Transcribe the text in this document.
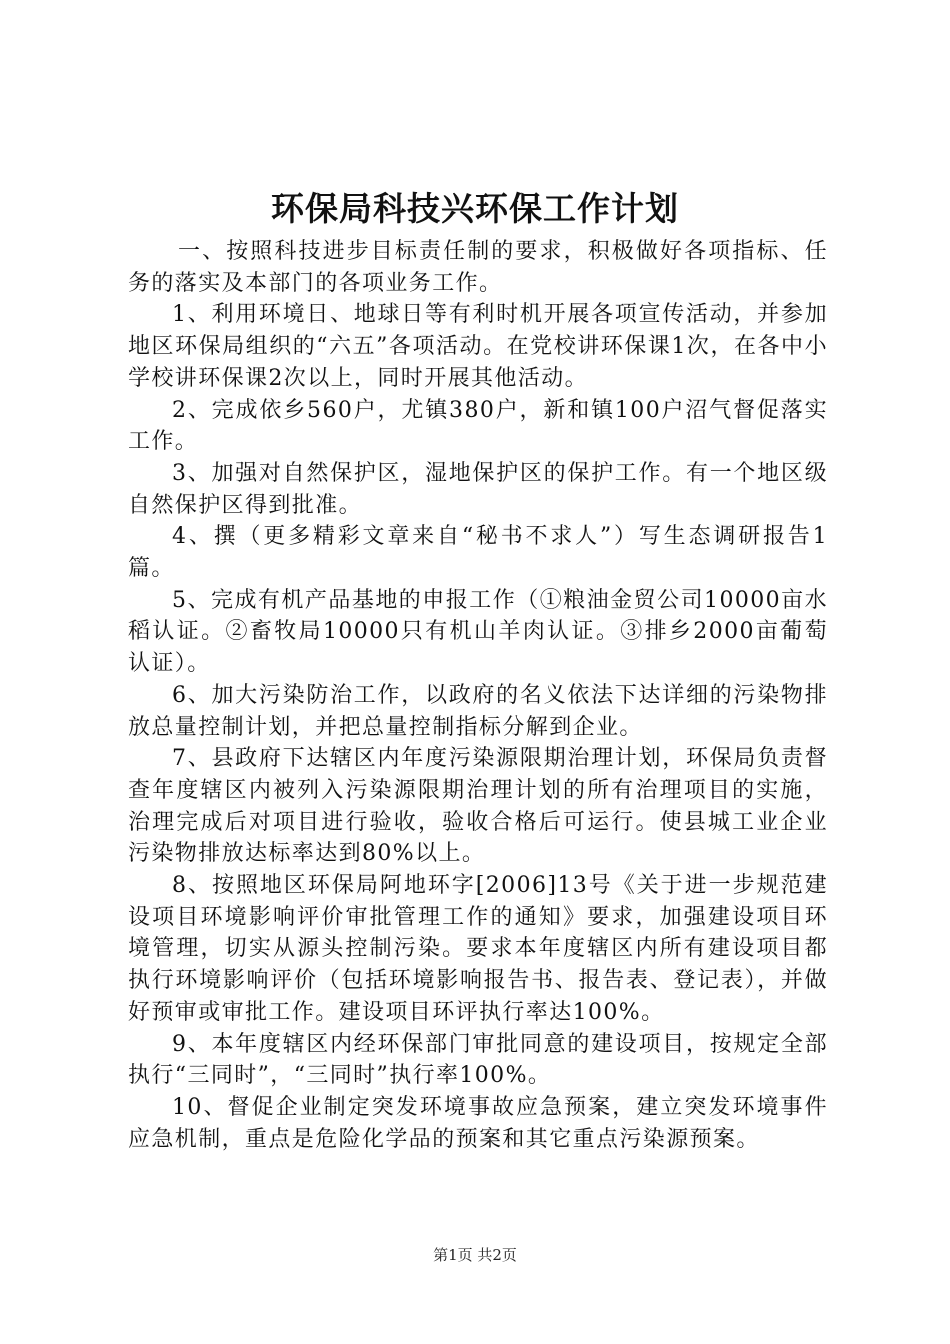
环保局科技兴环保工作计划

一、按照科技进步目标责任制的要求，积极做好各项指标、任务的落实及本部门的各项业务工作。

1、利用环境日、地球日等有利时机开展各项宣传活动，并参加地区环保局组织的“六五”各项活动。在党校讲环保课1次，在各中小学校讲环保课2次以上，同时开展其他活动。

2、完成依乡560户，尤镇380户，新和镇100户沼气督促落实工作。

3、加强对自然保护区，湿地保护区的保护工作。有一个地区级自然保护区得到批准。

4、撰（更多精彩文章来自“秘书不求人”）写生态调研报告1篇。

5、完成有机产品基地的申报工作（①粮油金贸公司10000亩水稻认证。②畜牧局10000只有机山羊肉认证。③排乡2000亩葡萄认证）。

6、加大污染防治工作，以政府的名义依法下达详细的污染物排放总量控制计划，并把总量控制指标分解到企业。

7、县政府下达辖区内年度污染源限期治理计划，环保局负责督查年度辖区内被列入污染源限期治理计划的所有治理项目的实施，治理完成后对项目进行验收，验收合格后可运行。使县城工业企业污染物排放达标率达到80%以上。

8、按照地区环保局阿地环字[2006]13号《关于进一步规范建设项目环境影响评价审批管理工作的通知》要求，加强建设项目环境管理，切实从源头控制污染。要求本年度辖区内所有建设项目都执行环境影响评价（包括环境影响报告书、报告表、登记表），并做好预审或审批工作。建设项目环评执行率达100%。

9、本年度辖区内经环保部门审批同意的建设项目，按规定全部执行“三同时”，“三同时”执行率100%。

10、督促企业制定突发环境事故应急预案，建立突发环境事件应急机制，重点是危险化学品的预案和其它重点污染源预案。

第1页 共2页
